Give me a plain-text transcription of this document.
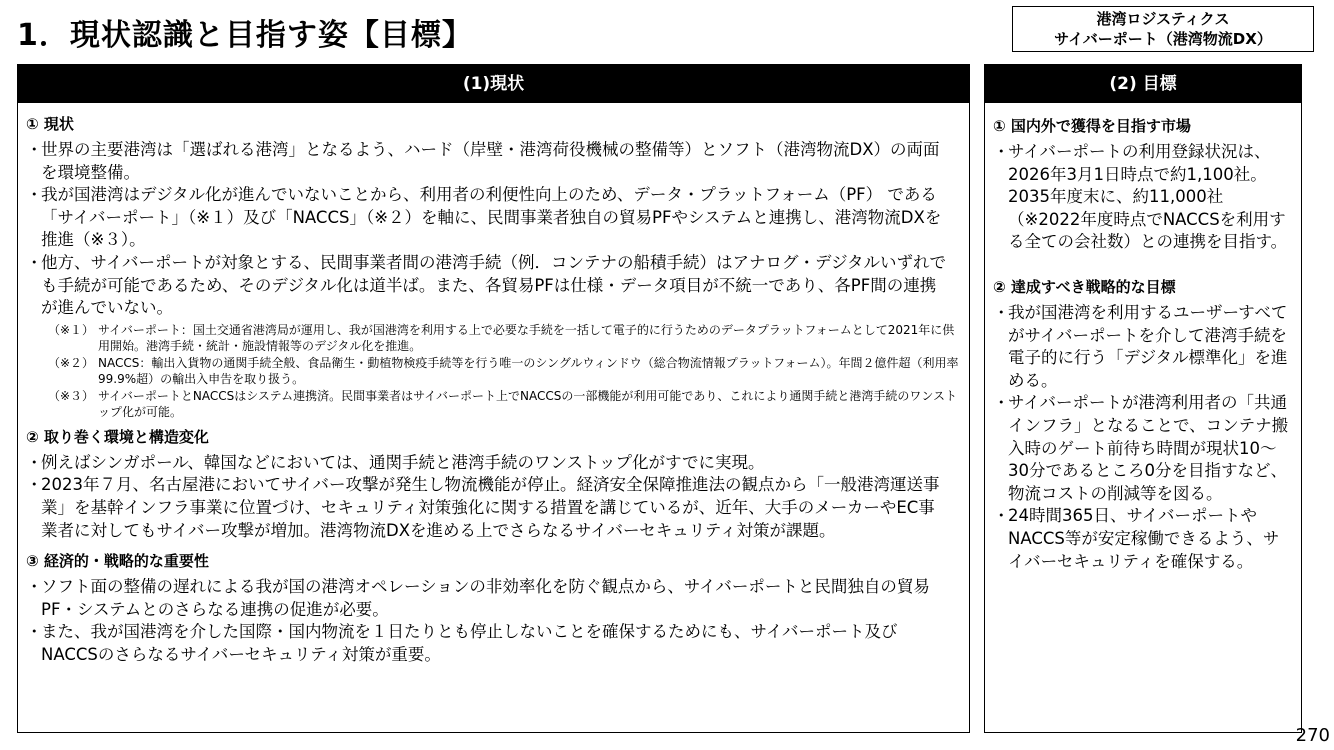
1．現状認識と目指す姿【目標】	港湾ロジスティクス
サイバーポート（港湾物流DX）
(1)現状
① 現状
・ 世界の主要港湾は「選ばれる港湾」となるよう、ハード（岸壁・港湾荷役機械の整備等）とソフト（港湾物流DX）の両面を環境整備。
・ 我が国港湾はデジタル化が進んでいないことから、利用者の利便性向上のため、データ・プラットフォーム（PF） である「サイバーポート」（※１）及び「NACCS」（※２）を軸に、民間事業者独自の貿易PFやシステムと連携し、港湾物流DXを推進（※３）。
・ 他方、サイバーポートが対象とする、民間事業者間の港湾手続（例．コンテナの船積手続）はアナログ・デジタルいずれでも手続が可能であるため、そのデジタル化は道半ば。また、各貿易PFは仕様・データ項目が不統一であり、各PF間の連携が進んでいない。
（※１） サイバーポート：国土交通省港湾局が運用し、我が国港湾を利用する上で必要な手続を一括して電子的に行うためのデータプラットフォームとして2021年に供用開始。港湾手続・統計・施設情報等のデジタル化を推進。
（※２） NACCS：輸出入貨物の通関手続全般、食品衛生・動植物検疫手続等を行う唯一のシングルウィンドウ（総合物流情報プラットフォーム）。年間２億件超（利用率99.9%超）の輸出入申告を取り扱う。
（※３） サイバーポートとNACCSはシステム連携済。民間事業者はサイバーポート上でNACCSの一部機能が利用可能であり、これにより通関手続と港湾手続のワンストップ化が可能。
② 取り巻く環境と構造変化
・ 例えばシンガポール、韓国などにおいては、通関手続と港湾手続のワンストップ化がすでに実現。
・ 2023年７月、名古屋港においてサイバー攻撃が発生し物流機能が停止。経済安全保障推進法の観点から「一般港湾運送事業」を基幹インフラ事業に位置づけ、セキュリティ対策強化に関する措置を講じているが、近年、大手のメーカーやEC事業者に対してもサイバー攻撃が増加。港湾物流DXを進める上でさらなるサイバーセキュリティ対策が課題。
③ 経済的・戦略的な重要性
・ ソフト面の整備の遅れによる我が国の港湾オペレーションの非効率化を防ぐ観点から、サイバーポートと民間独自の貿易PF・システムとのさらなる連携の促進が必要。
・ また、我が国港湾を介した国際・国内物流を１日たりとも停止しないことを確保するためにも、サイバーポート及びNACCSのさらなるサイバーセキュリティ対策が重要。
(2) 目標
① 国内外で獲得を目指す市場
・ サイバーポートの利用登録状況は、2026年3月1日時点で約1,100社。2035年度末に、約11,000社（※2022年度時点でNACCSを利用する全ての会社数）との連携を目指す。
② 達成すべき戦略的な目標
・ 我が国港湾を利用するユーザーすべてがサイバーポートを介して港湾手続を電子的に行う「デジタル標準化」を進める。
・ サイバーポートが港湾利用者の「共通インフラ」となることで、コンテナ搬入時のゲート前待ち時間が現状10～30分であるところ0分を目指すなど、物流コストの削減等を図る。
・ 24時間365日、サイバーポートやNACCS等が安定稼働できるよう、サイバーセキュリティを確保する。
270
